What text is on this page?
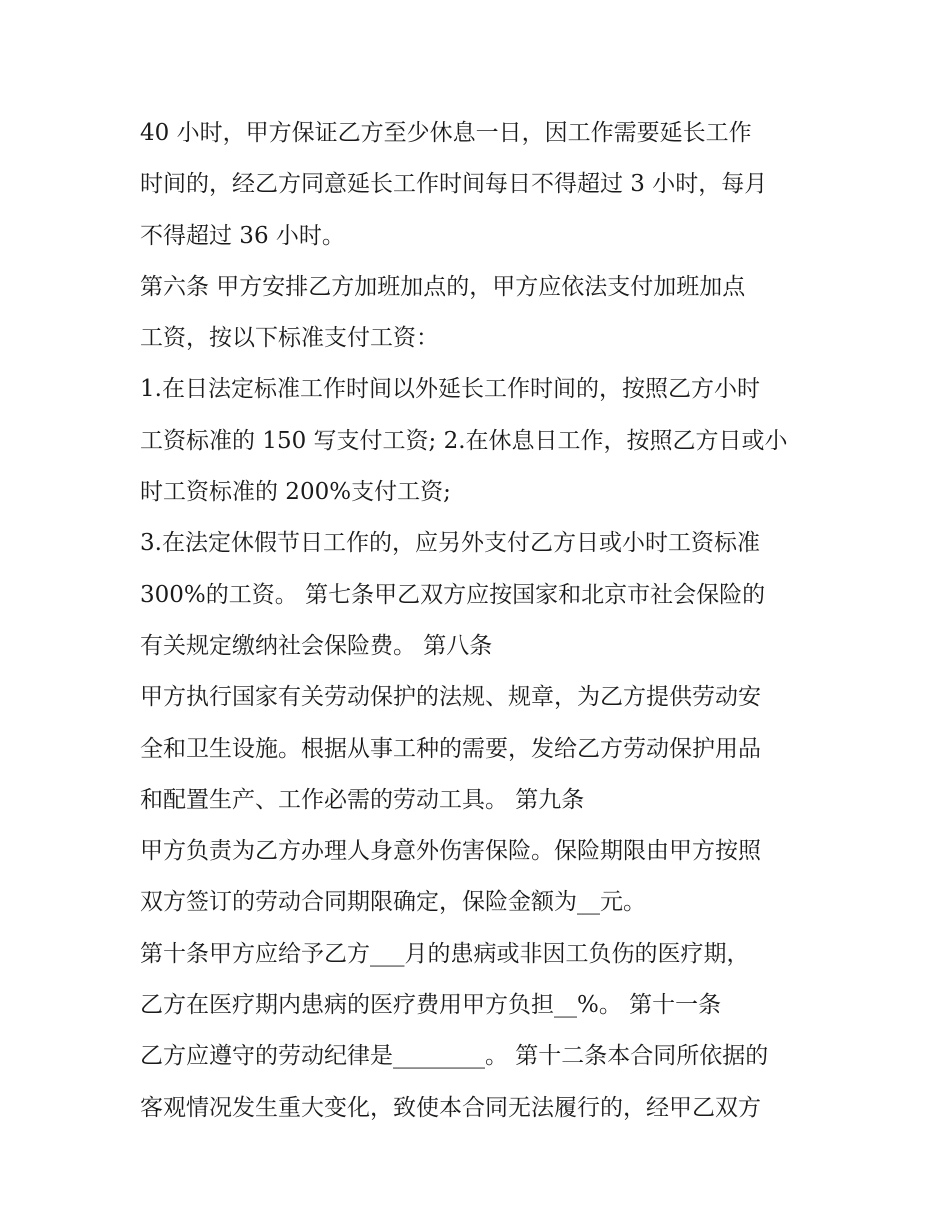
40 小时，甲方保证乙方至少休息一日，因工作需要延长工作
时间的，经乙方同意延长工作时间每日不得超过 3 小时，每月
不得超过 36 小时。
第六条 甲方安排乙方加班加点的，甲方应依法支付加班加点
工资，按以下标准支付工资：
1.在日法定标准工作时间以外延长工作时间的，按照乙方小时
工资标准的 150 写支付工资; 2.在休息日工作，按照乙方日或小
时工资标准的 200%支付工资;
3.在法定休假节日工作的，应另外支付乙方日或小时工资标准
300%的工资。 第七条甲乙双方应按国家和北京市社会保险的
有关规定缴纳社会保险费。 第八条
甲方执行国家有关劳动保护的法规、规章，为乙方提供劳动安
全和卫生设施。根据从事工种的需要，发给乙方劳动保护用品
和配置生产、工作必需的劳动工具。 第九条
甲方负责为乙方办理人身意外伤害保险。保险期限由甲方按照
双方签订的劳动合同期限确定，保险金额为__元。
第十条甲方应给予乙方___月的患病或非因工负伤的医疗期，
乙方在医疗期内患病的医疗费用甲方负担__%。 第十一条
乙方应遵守的劳动纪律是________。 第十二条本合同所依据的
客观情况发生重大变化，致使本合同无法履行的，经甲乙双方
